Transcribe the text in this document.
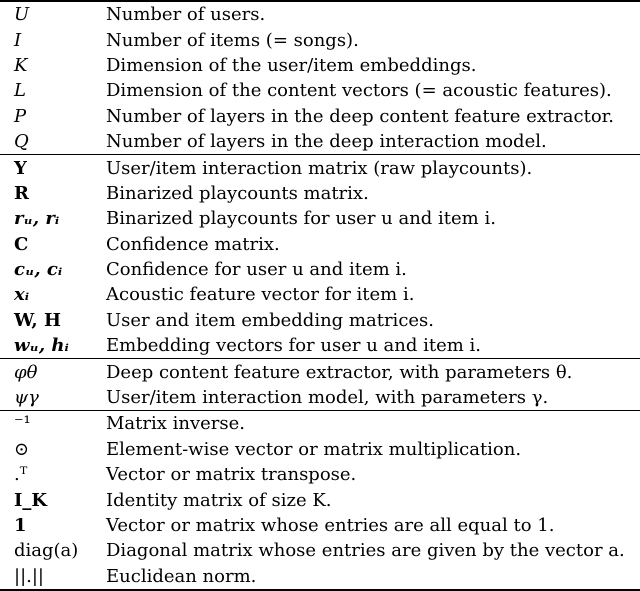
U	Number of users.
I	Number of items (= songs).
K	Dimension of the user/item embeddings.
L	Dimension of the content vectors (= acoustic features).
P	Number of layers in the deep content feature extractor.
Q	Number of layers in the deep interaction model.
Y	User/item interaction matrix (raw playcounts).
R	Binarized playcounts matrix.
rᵤ, rᵢ	Binarized playcounts for user u and item i.
C	Confidence matrix.
cᵤ, cᵢ	Confidence for user u and item i.
xᵢ	Acoustic feature vector for item i.
W, H	User and item embedding matrices.
wᵤ, hᵢ	Embedding vectors for user u and item i.
φθ	Deep content feature extractor, with parameters θ.
ψγ	User/item interaction model, with parameters γ.
⁻¹	Matrix inverse.
⊙	Element-wise vector or matrix multiplication.
.ᵀ	Vector or matrix transpose.
I_K	Identity matrix of size K.
1	Vector or matrix whose entries are all equal to 1.
diag(a)	Diagonal matrix whose entries are given by the vector a.
||.||	Euclidean norm.
